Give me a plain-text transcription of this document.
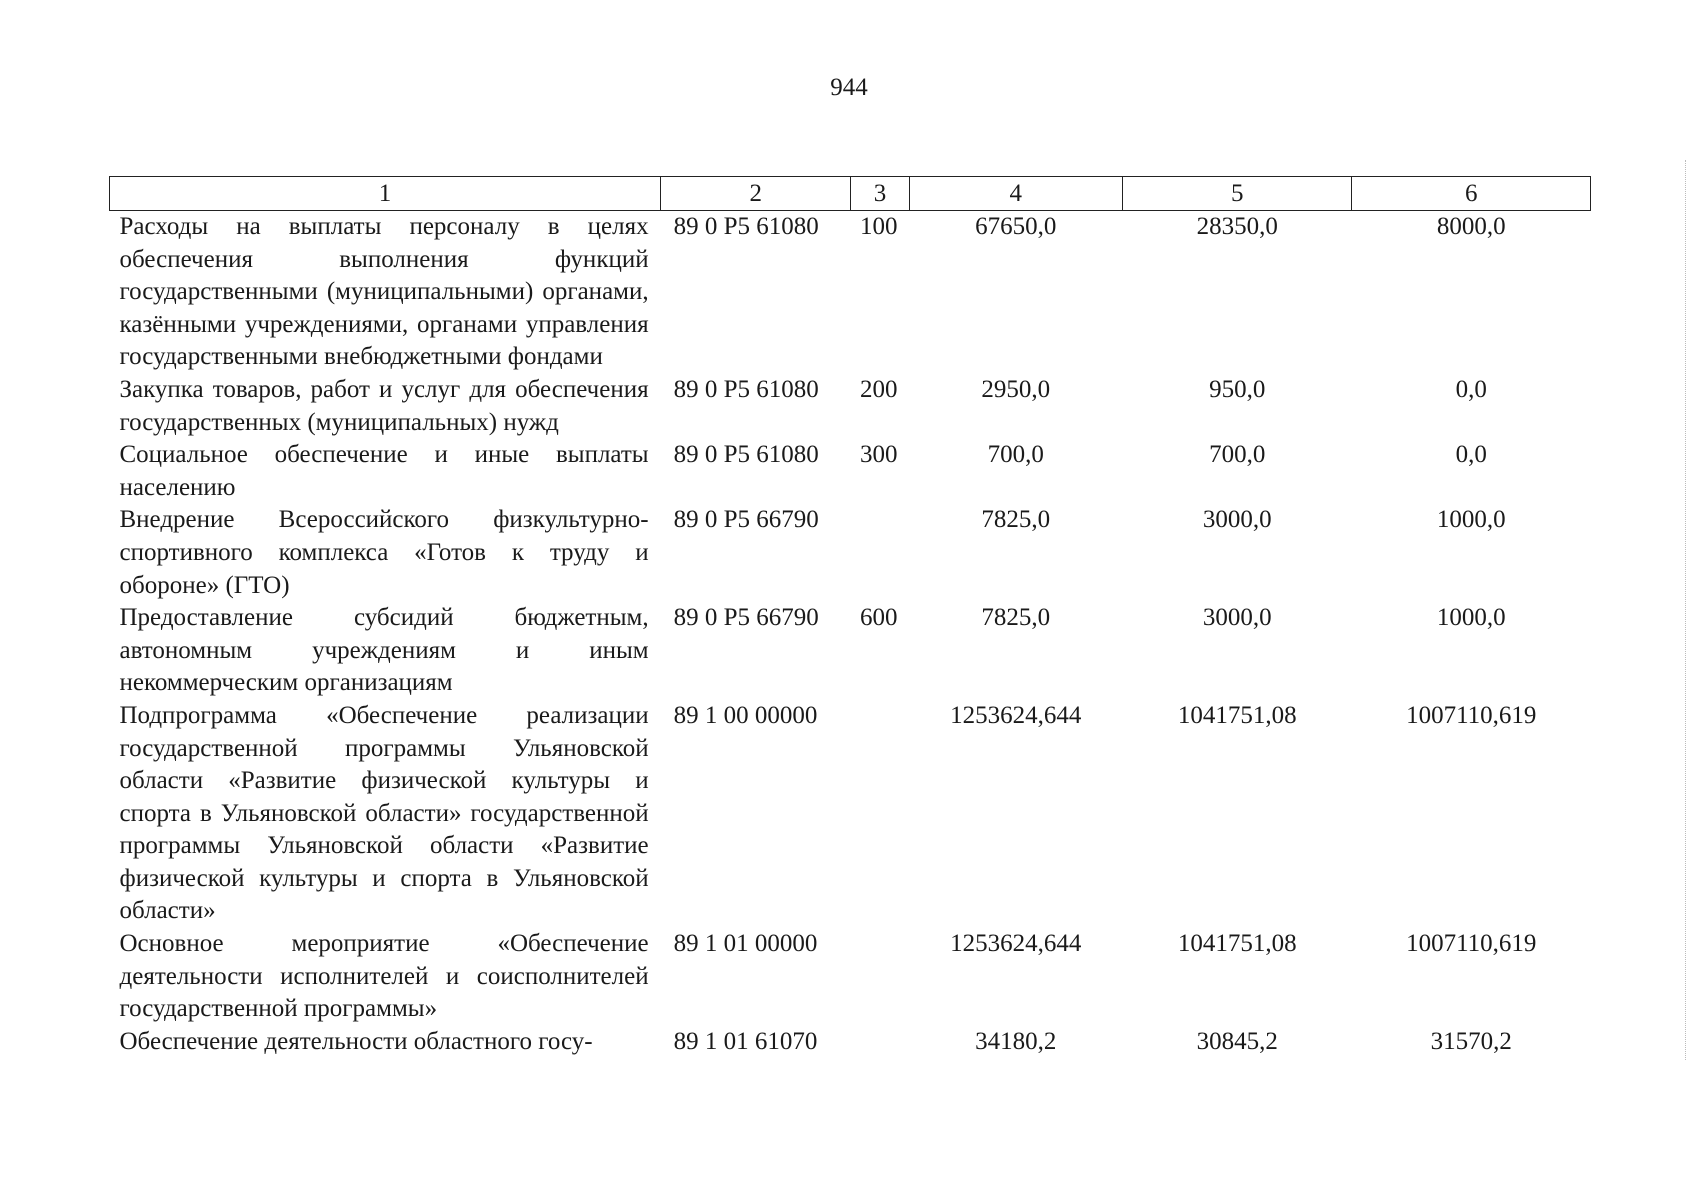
944
1	2	3	4	5	6
Расходы на выплаты персоналу в целях обеспечения выполнения функций государственными (муниципальными) органами, казёнными учреждениями, органами управления государственными внебюджетными фондами	89 0 Р5 61080	100	67650,0	28350,0	8000,0
Закупка товаров, работ и услуг для обеспечения государственных (муниципальных) нужд	89 0 Р5 61080	200	2950,0	950,0	0,0
Социальное обеспечение и иные выплаты населению	89 0 Р5 61080	300	700,0	700,0	0,0
Внедрение Всероссийского физкультурно-спортивного комплекса «Готов к труду и обороне» (ГТО)	89 0 Р5 66790		7825,0	3000,0	1000,0
Предоставление субсидий бюджетным, автономным учреждениям и иным некоммерческим организациям	89 0 Р5 66790	600	7825,0	3000,0	1000,0
Подпрограмма «Обеспечение реализации государственной программы Ульяновской области «Развитие физической культуры и спорта в Ульяновской области» государственной программы Ульяновской области «Развитие физической культуры и спорта в Ульяновской области»	89 1 00 00000		1253624,644	1041751,08	1007110,619
Основное мероприятие «Обеспечение деятельности исполнителей и соисполнителей государственной программы»	89 1 01 00000		1253624,644	1041751,08	1007110,619
Обеспечение деятельности областного госу-	89 1 01 61070		34180,2	30845,2	31570,2
